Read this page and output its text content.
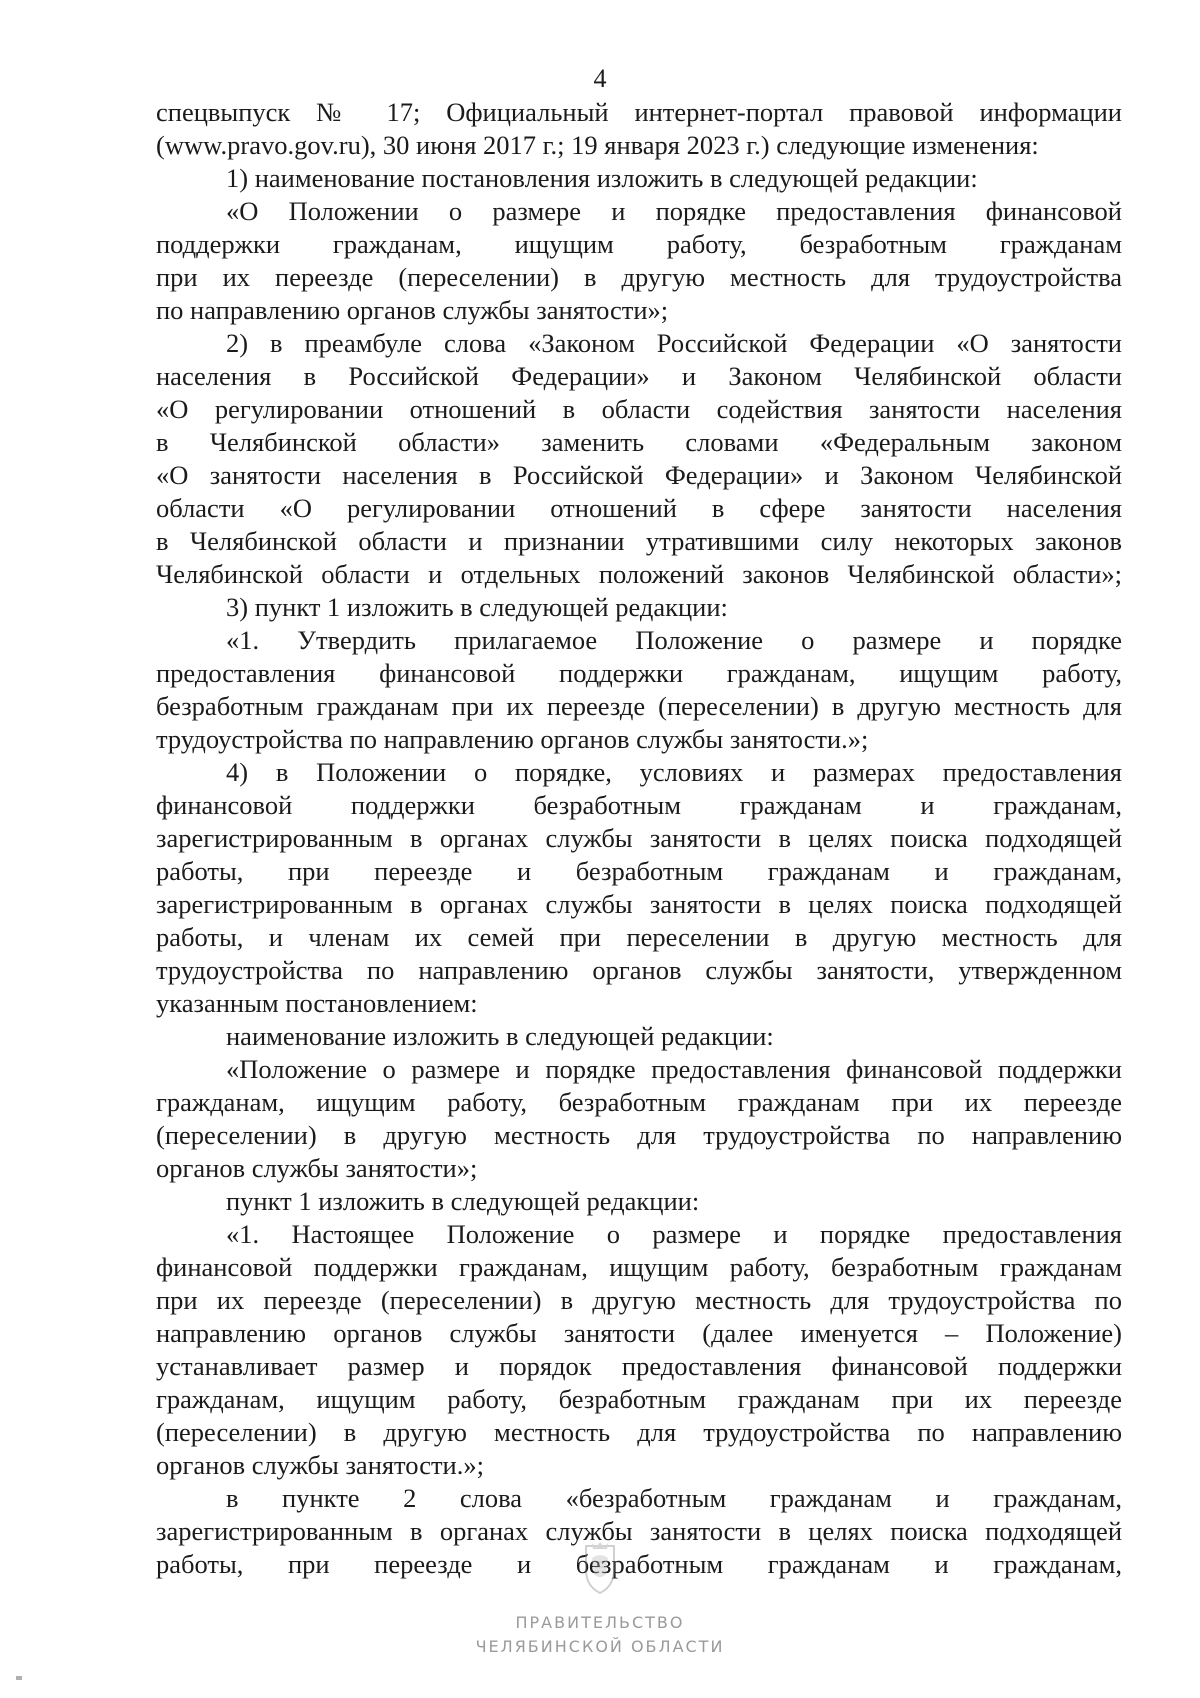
4
спецвыпуск № 17; Официальный интернет-портал правовой информации
(www.pravo.gov.ru), 30 июня 2017 г.; 19 января 2023 г.) следующие изменения:
1) наименование постановления изложить в следующей редакции:
«О Положении о размере и порядке предоставления финансовой
поддержки гражданам, ищущим работу, безработным гражданам
при их переезде (переселении) в другую местность для трудоустройства
по направлению органов службы занятости»;
2) в преамбуле слова «Законом Российской Федерации «О занятости
населения в Российской Федерации» и Законом Челябинской области
«О регулировании отношений в области содействия занятости населения
в Челябинской области» заменить словами «Федеральным законом
«О занятости населения в Российской Федерации» и Законом Челябинской
области «О регулировании отношений в сфере занятости населения
в Челябинской области и признании утратившими силу некоторых законов
Челябинской области и отдельных положений законов Челябинской области»;
3) пункт 1 изложить в следующей редакции:
«1. Утвердить прилагаемое Положение о размере и порядке
предоставления финансовой поддержки гражданам, ищущим работу,
безработным гражданам при их переезде (переселении) в другую местность для
трудоустройства по направлению органов службы занятости.»;
4) в Положении о порядке, условиях и размерах предоставления
финансовой поддержки безработным гражданам и гражданам,
зарегистрированным в органах службы занятости в целях поиска подходящей
работы, при переезде и безработным гражданам и гражданам,
зарегистрированным в органах службы занятости в целях поиска подходящей
работы, и членам их семей при переселении в другую местность для
трудоустройства по направлению органов службы занятости, утвержденном
указанным постановлением:
наименование изложить в следующей редакции:
«Положение о размере и порядке предоставления финансовой поддержки
гражданам, ищущим работу, безработным гражданам при их переезде
(переселении) в другую местность для трудоустройства по направлению
органов службы занятости»;
пункт 1 изложить в следующей редакции:
«1. Настоящее Положение о размере и порядке предоставления
финансовой поддержки гражданам, ищущим работу, безработным гражданам
при их переезде (переселении) в другую местность для трудоустройства по
направлению органов службы занятости (далее именуется – Положение)
устанавливает размер и порядок предоставления финансовой поддержки
гражданам, ищущим работу, безработным гражданам при их переезде
(переселении) в другую местность для трудоустройства по направлению
органов службы занятости.»;
в пункте 2 слова «безработным гражданам и гражданам,
зарегистрированным в органах службы занятости в целях поиска подходящей
работы, при переезде и безработным гражданам и гражданам,
ПРАВИТЕЛЬСТВО
ЧЕЛЯБИНСКОЙ ОБЛАСТИ
